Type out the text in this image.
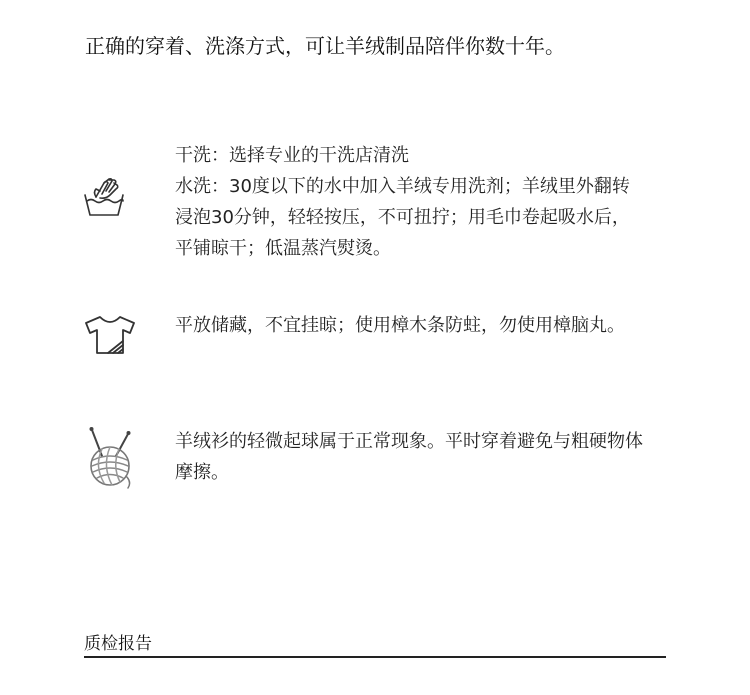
正确的穿着、洗涤方式，可让羊绒制品陪伴你数十年。

干洗：选择专业的干洗店清洗

水洗：30度以下的水中加入羊绒专用洗剂；羊绒里外翻转浸泡30分钟，轻轻按压，不可扭拧；用毛巾卷起吸水后，平铺晾干；低温蒸汽熨烫。

平放储藏，不宜挂晾；使用樟木条防蛀，勿使用樟脑丸。

羊绒衫的轻微起球属于正常现象。平时穿着避免与粗硬物体摩擦。

质检报告
